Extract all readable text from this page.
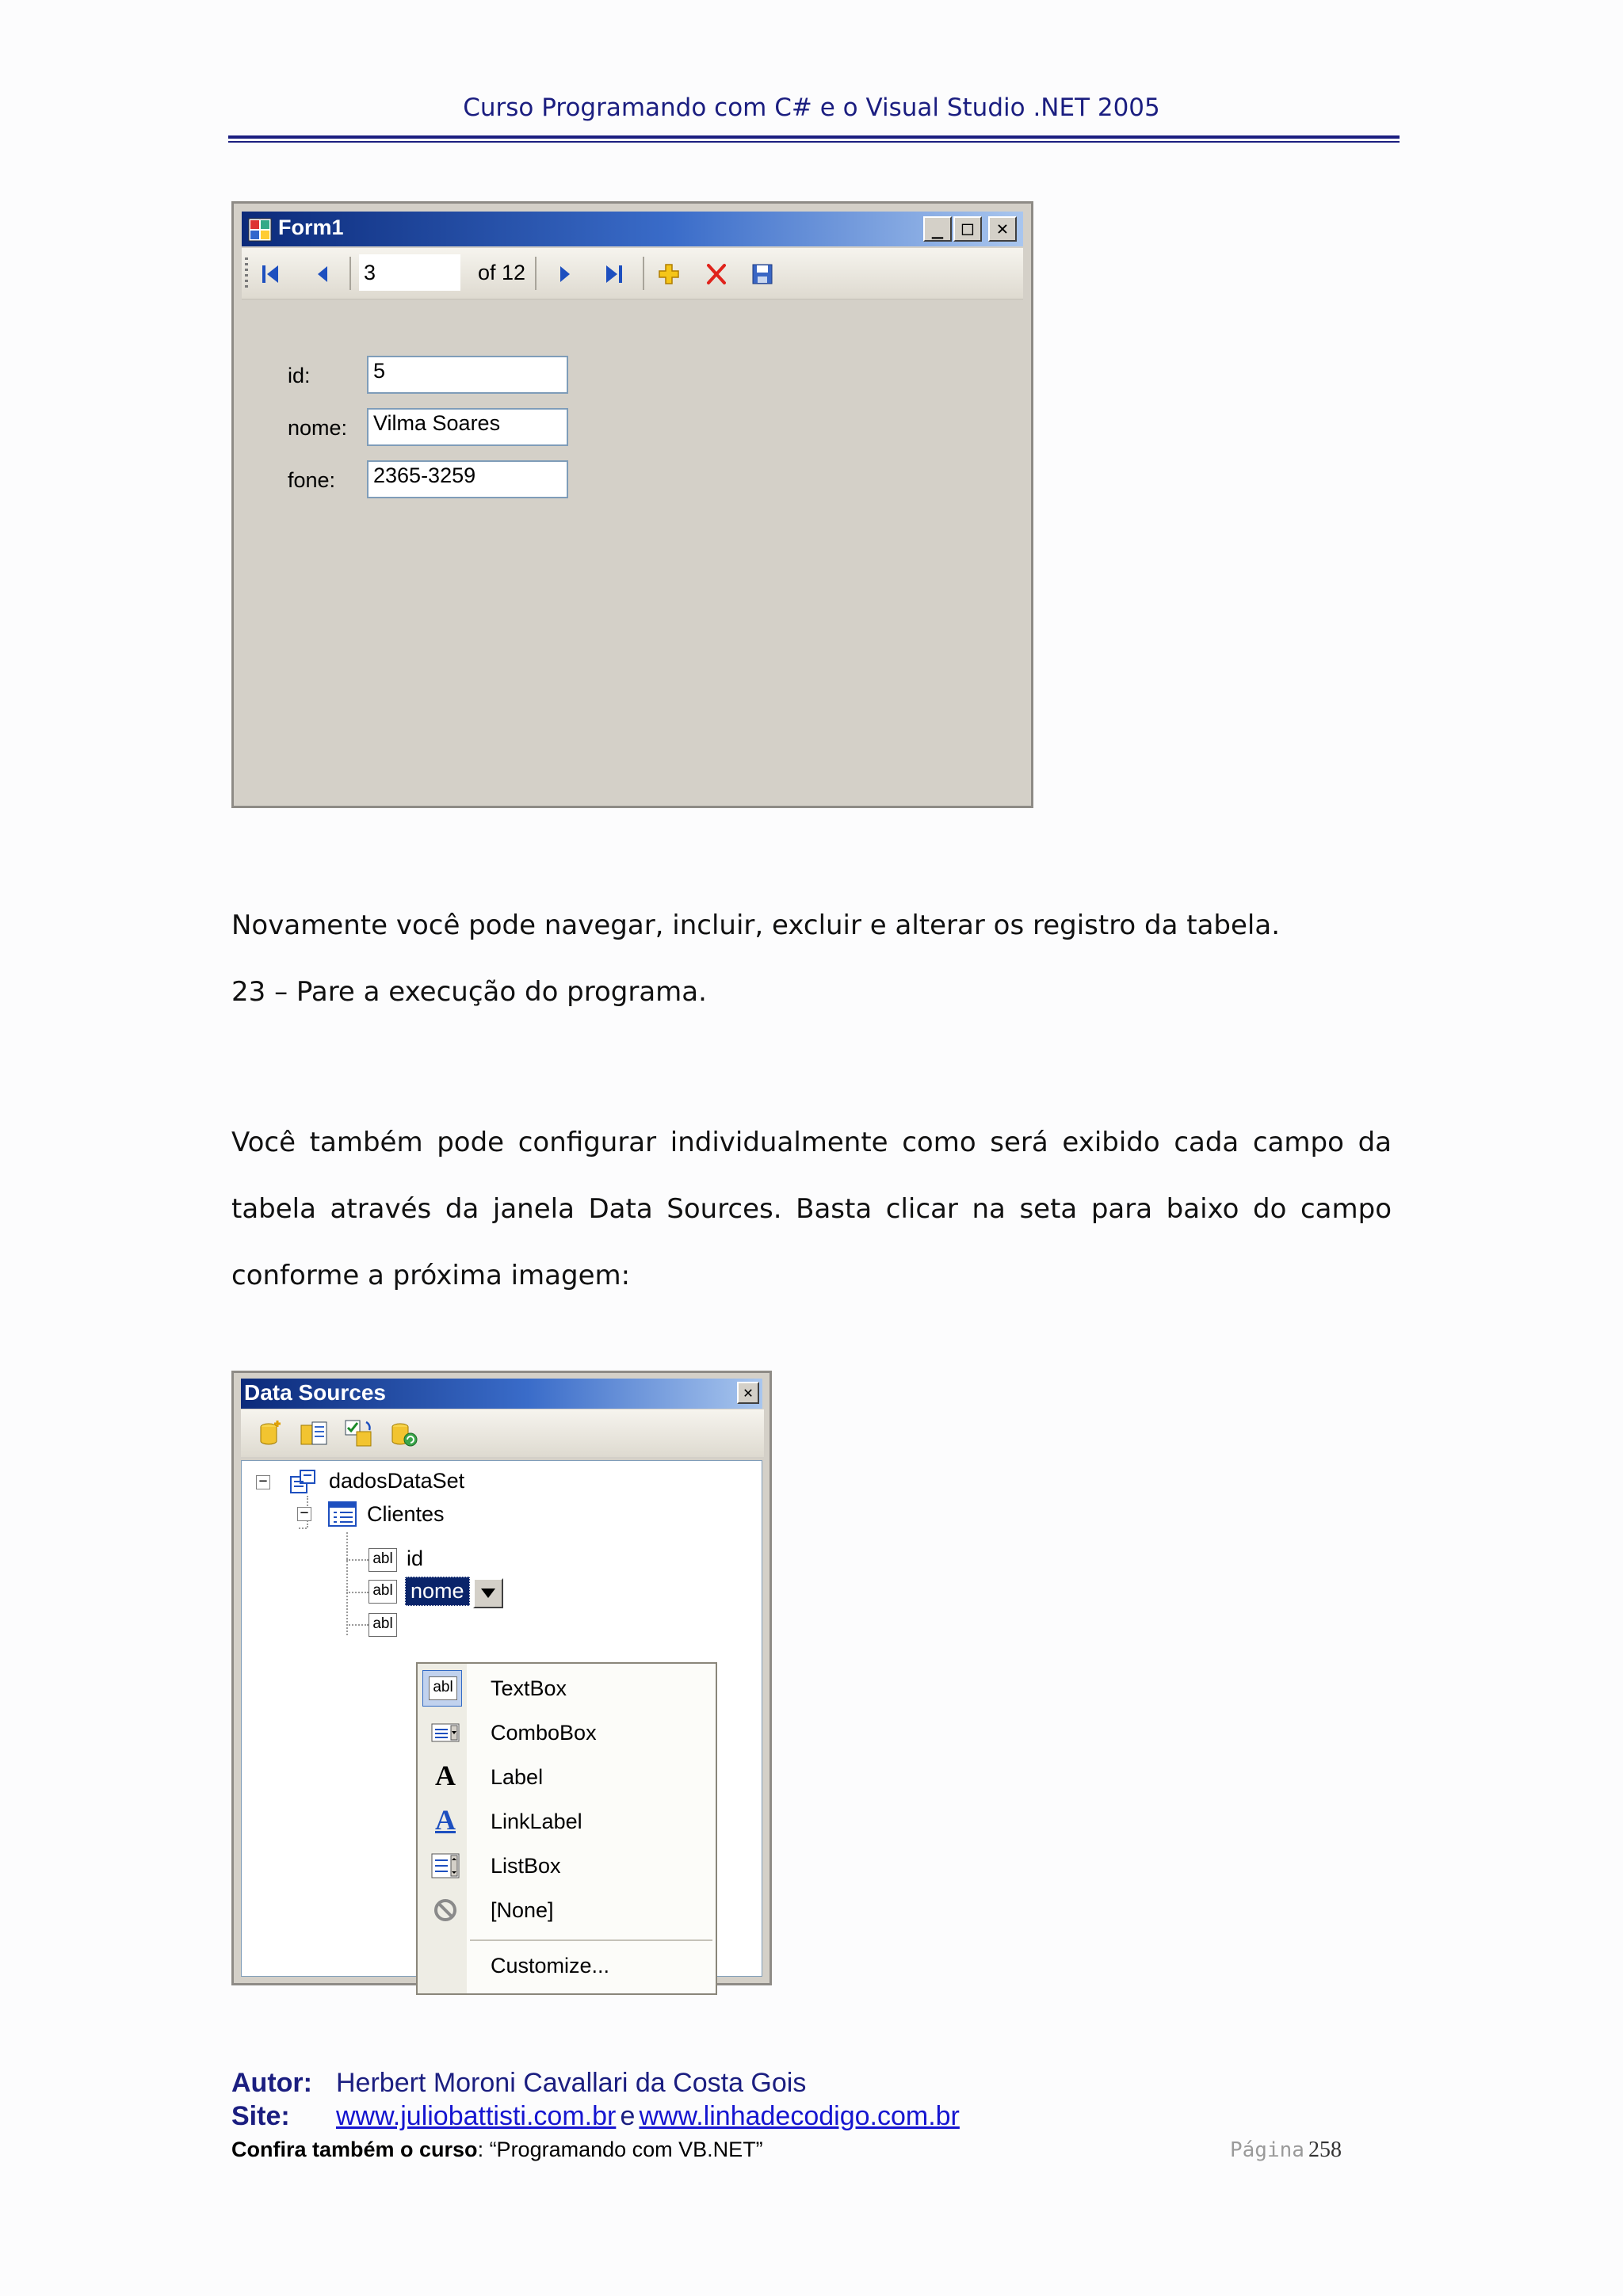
Curso Programando com C# e o Visual Studio .NET 2005
Form1	_ □	✕
3
of 12
id:	5
nome: Vilma Soares
fone: 2365-3259
Novamente você pode navegar, incluir, excluir e alterar os registro da tabela.
23 – Pare a execução do programa.
Você também pode configurar individualmente como será exibido cada campo da
tabela através da janela Data Sources. Basta clicar na seta para baixo do campo
conforme a próxima imagem:
Data Sources	✕
−	dadosDataSet
−	Clientes
abl id
abl nome
abl
abl TextBox
ComboBox
A Label
A LinkLabel
ListBox
[None]
Customize...
Autor: Herbert Moroni Cavallari da Costa Gois
Site: www.juliobattisti.com.br e www.linhadecodigo.com.br
Confira também o curso: “Programando com VB.NET”	Página 258
